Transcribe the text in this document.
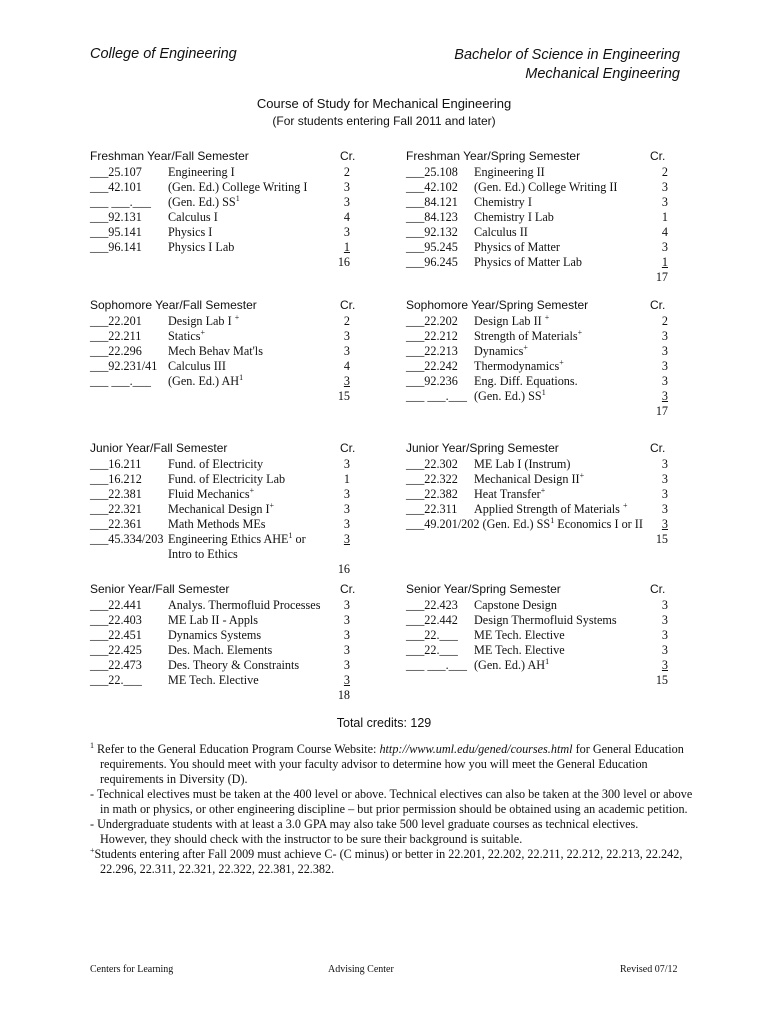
College of Engineering	Bachelor of Science in Engineering
Mechanical Engineering
Course of Study for Mechanical Engineering
(For students entering Fall 2011 and later)
Freshman Year/Fall Semester	Cr.
___25.107 Engineering I	2
___42.101 (Gen. Ed.) College Writing I	3
___ ___.___ (Gen. Ed.) $SS^1$	3
___92.131 Calculus I	4
___95.141 Physics I	3
___96.141 Physics I Lab	1
16
Freshman Year/Spring Semester	Cr.
___25.108 Engineering II	2
___42.102 (Gen. Ed.) College Writing II	3
___84.121 Chemistry I	3
___84.123 Chemistry I Lab	1
___92.132 Calculus II	4
___95.245 Physics of Matter	3
___96.245 Physics of Matter Lab	1
17
Sophomore Year/Fall Semester	Cr.
___22.201 Design Lab I +	2
___22.211 Statics+	3
___22.296 Mech Behav Mat'ls	3
___92.231/41 Calculus III	4
___ ___.___ (Gen. Ed.) $AH^1$	3
15
Sophomore Year/Spring Semester	Cr.
___22.202 Design Lab II +	2
___22.212 Strength of Materials+	3
___22.213 Dynamics+	3
___22.242 Thermodynamics+	3
___92.236 Eng. Diff. Equations.	3
___ ___.___ (Gen. Ed.) $SS^1$	3
17
Junior Year/Fall Semester	Cr.
___16.211 Fund. of Electricity	3
___16.212 Fund. of Electricity Lab	1
___22.381 Fluid Mechanics+	3
___22.321 Mechanical Design I+	3
___22.361 Math Methods MEs	3
___45.334/203 Engineering Ethics AHE$^1$ or	3
Intro to Ethics
16
Junior Year/Spring Semester	Cr.
___22.302 ME Lab I (Instrum)	3
___22.322 Mechanical Design II+	3
___22.382 Heat Transfer+	3
___22.311 Applied Strength of Materials +	3
___49.201/202 (Gen. Ed.) $SS^1$ Economics I or II	3
15
Senior Year/Fall Semester	Cr.
___22.441 Analys. Thermofluid Processes	3
___22.403 ME Lab II - Appls	3
___22.451 Dynamics Systems	3
___22.425 Des. Mach. Elements	3
___22.473 Des. Theory & Constraints	3
___22.___ ME Tech. Elective	3
18
Senior Year/Spring Semester	Cr.
___22.423 Capstone Design	3
___22.442 Design Thermofluid Systems	3
___22.___ ME Tech. Elective	3
___22.___ ME Tech. Elective	3
___ ___.___ (Gen. Ed.) $AH^1$	3
15
Total credits: 129

$^1$ Refer to the General Education Program Course Website: http://www.uml.edu/gened/courses.html for General Education

requirements. You should meet with your faculty advisor to determine how you will meet the General Education

requirements in Diversity (D).

- Technical electives must be taken at the 400 level or above. Technical electives can also be taken at the 300 level or above

in math or physics, or other engineering discipline – but prior permission should be obtained using an academic petition.

- Undergraduate students with at least a 3.0 GPA may also take 500 level graduate courses as technical electives.

However, they should check with the instructor to be sure their background is suitable.

+Students entering after Fall 2009 must achieve C- (C minus) or better in 22.201, 22.202, 22.211, 22.212, 22.213, 22.242,

22.296, 22.311, 22.321, 22.322, 22.381, 22.382.

Centers for Learning	Advising Center	Revised 07/12
